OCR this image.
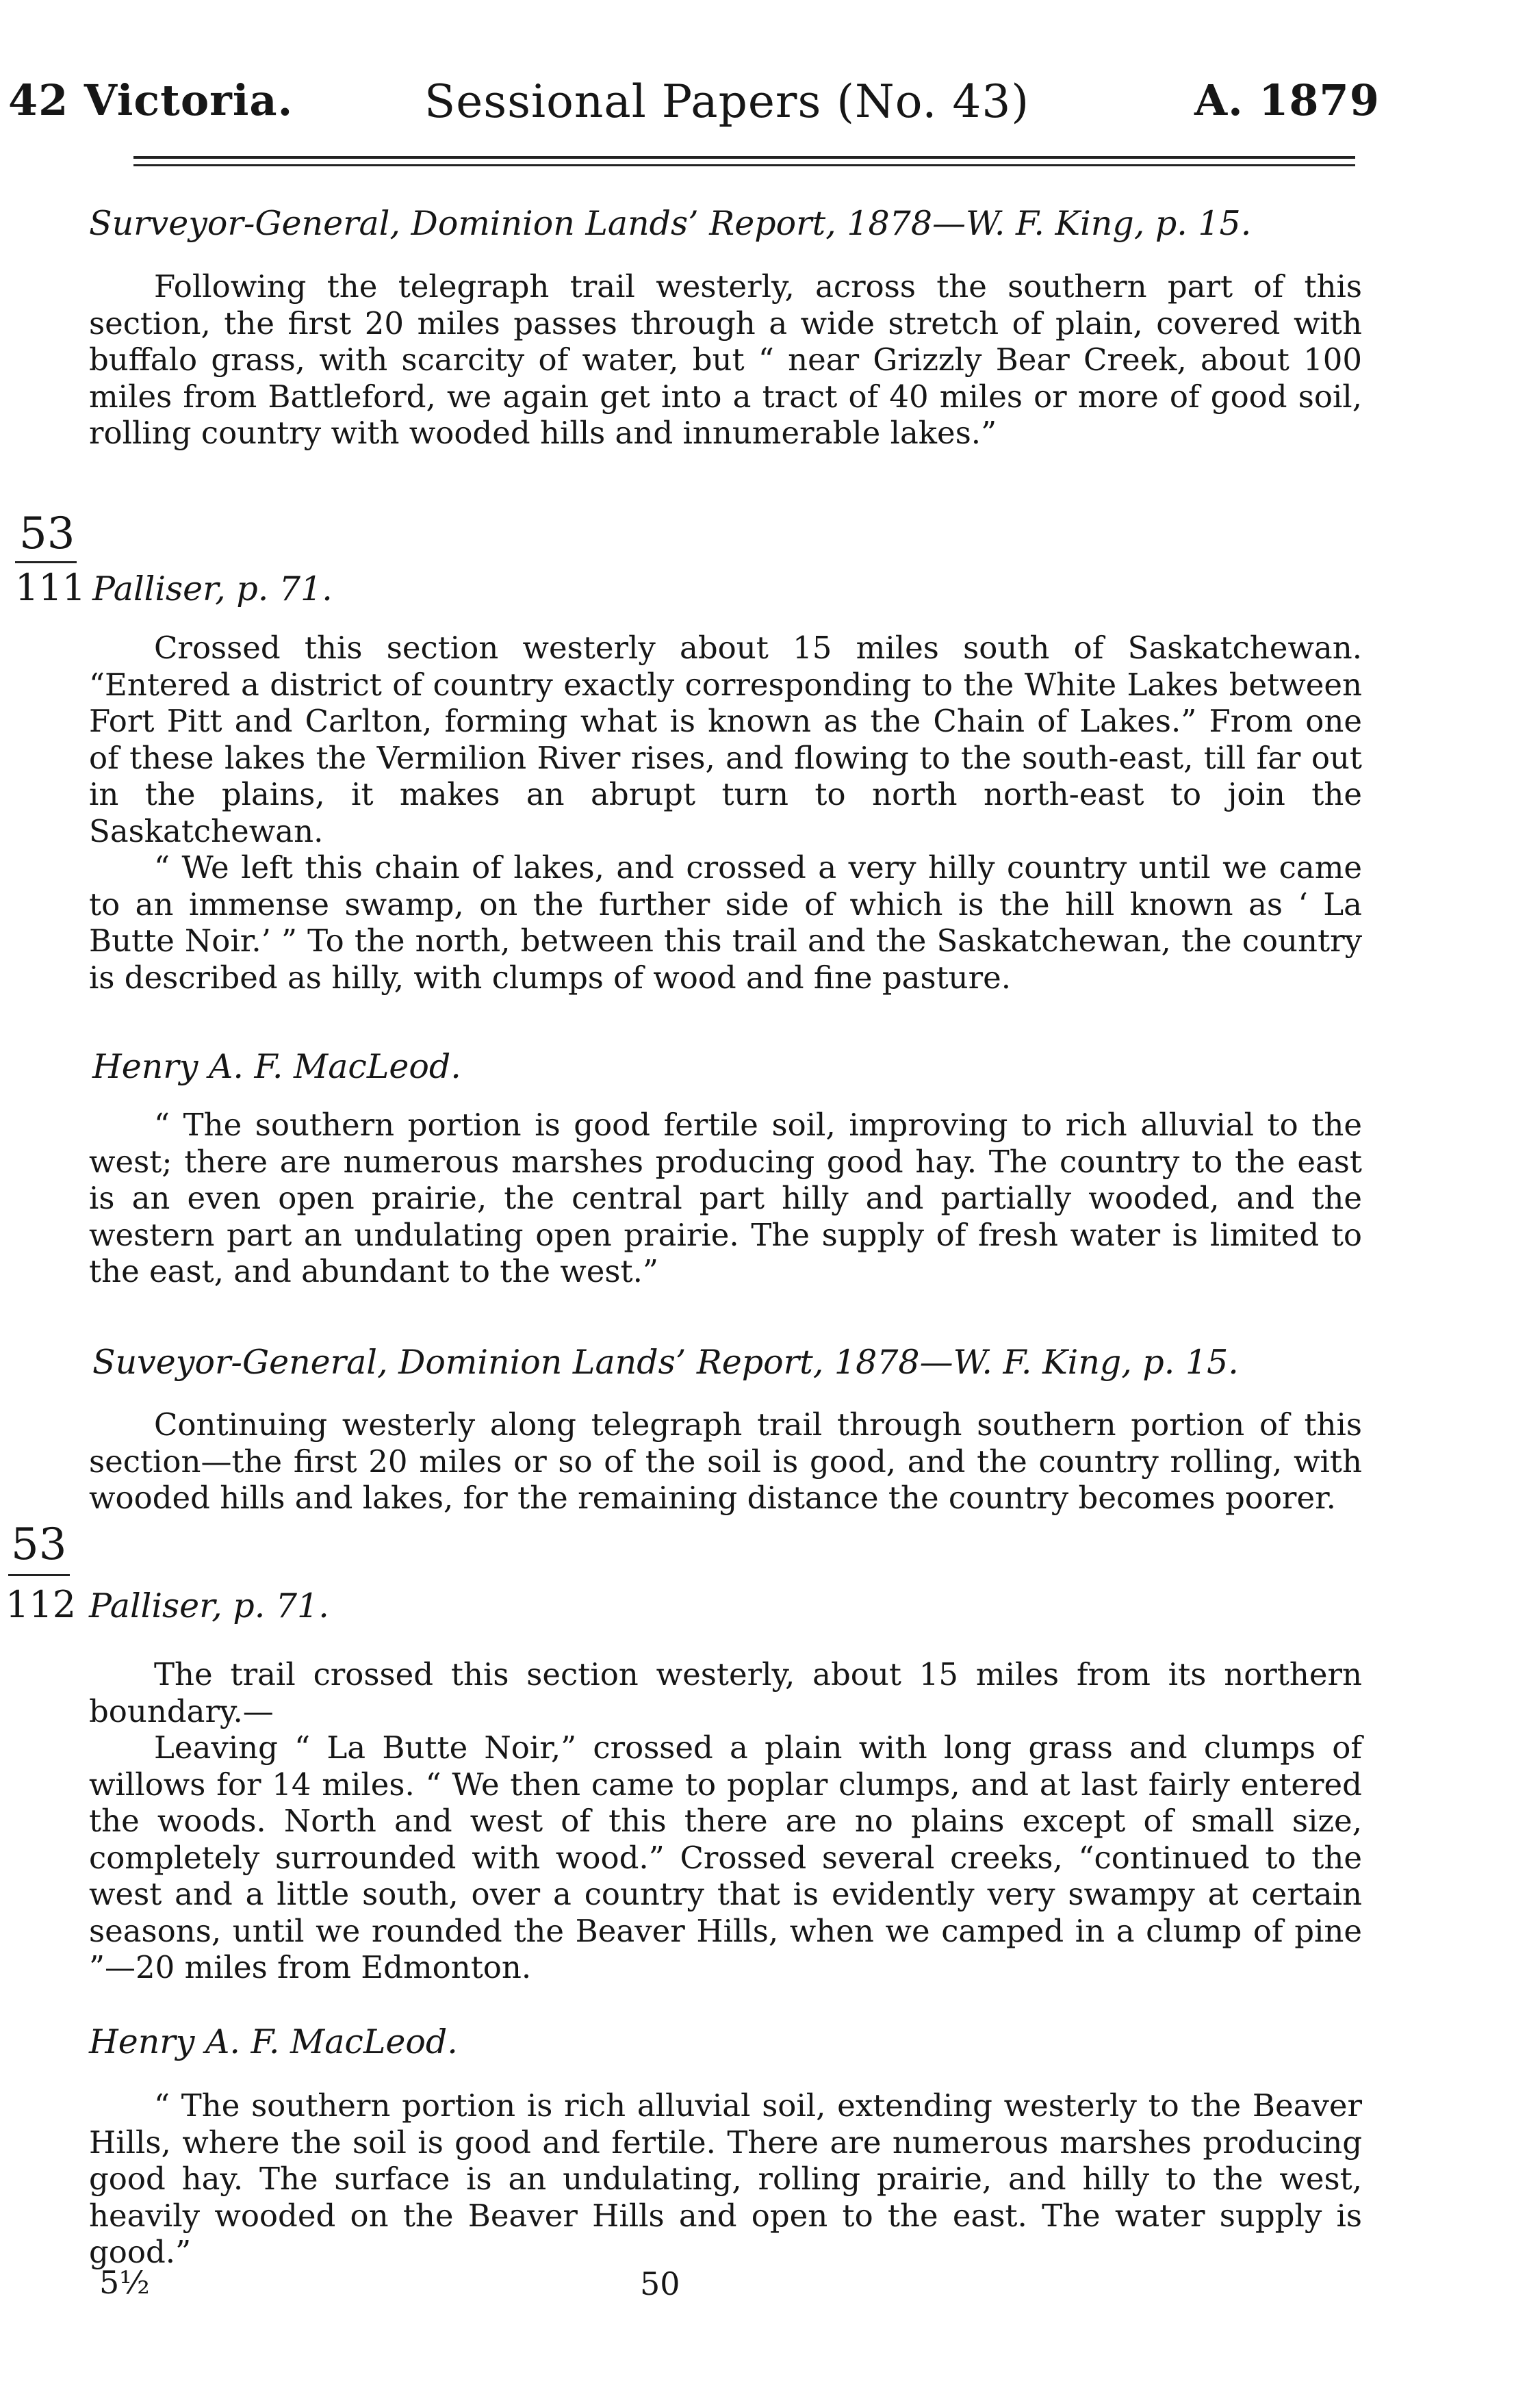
42 Victoria.	Sessional Papers (No. 43)	A. 1879
Surveyor-General, Dominion Lands’ Report, 1878—W. F. King, p. 15.
Following the telegraph trail westerly, across the southern part of this section, the first 20 miles passes through a wide stretch of plain, covered with buffalo grass, with scarcity of water, but “ near Grizzly Bear Creek, about 100 miles from Battleford, we again get into a tract of 40 miles or more of good soil, rolling country with wooded hills and innumerable lakes.”
53
111 Palliser, p. 71.
Crossed this section westerly about 15 miles south of Saskatchewan. “Entered a district of country exactly corresponding to the White Lakes between Fort Pitt and Carlton, forming what is known as the Chain of Lakes.” From one of these lakes the Vermilion River rises, and flowing to the south-east, till far out in the plains, it makes an abrupt turn to north north-east to join the Saskatchewan.
“ We left this chain of lakes, and crossed a very hilly country until we came to an immense swamp, on the further side of which is the hill known as ‘ La Butte Noir.’ ” To the north, between this trail and the Saskatchewan, the country is described as hilly, with clumps of wood and fine pasture.
Henry A. F. MacLeod.
“ The southern portion is good fertile soil, improving to rich alluvial to the west; there are numerous marshes producing good hay. The country to the east is an even open prairie, the central part hilly and partially wooded, and the western part an undulating open prairie. The supply of fresh water is limited to the east, and abundant to the west.”
Suveyor-General, Dominion Lands’ Report, 1878—W. F. King, p. 15.
Continuing westerly along telegraph trail through southern portion of this section—the first 20 miles or so of the soil is good, and the country rolling, with wooded hills and lakes, for the remaining distance the country becomes poorer.
53
112 Palliser, p. 71.
The trail crossed this section westerly, about 15 miles from its northern boundary.—
Leaving “ La Butte Noir,” crossed a plain with long grass and clumps of willows for 14 miles. “ We then came to poplar clumps, and at last fairly entered the woods. North and west of this there are no plains except of small size, completely surrounded with wood.” Crossed several creeks, “continued to the west and a little south, over a country that is evidently very swampy at certain seasons, until we rounded the Beaver Hills, when we camped in a clump of pine ”—20 miles from Edmonton.
Henry A. F. MacLeod.
“ The southern portion is rich alluvial soil, extending westerly to the Beaver Hills, where the soil is good and fertile. There are numerous marshes producing good hay. The surface is an undulating, rolling prairie, and hilly to the west, heavily wooded on the Beaver Hills and open to the east. The water supply is good.”
5½	50
